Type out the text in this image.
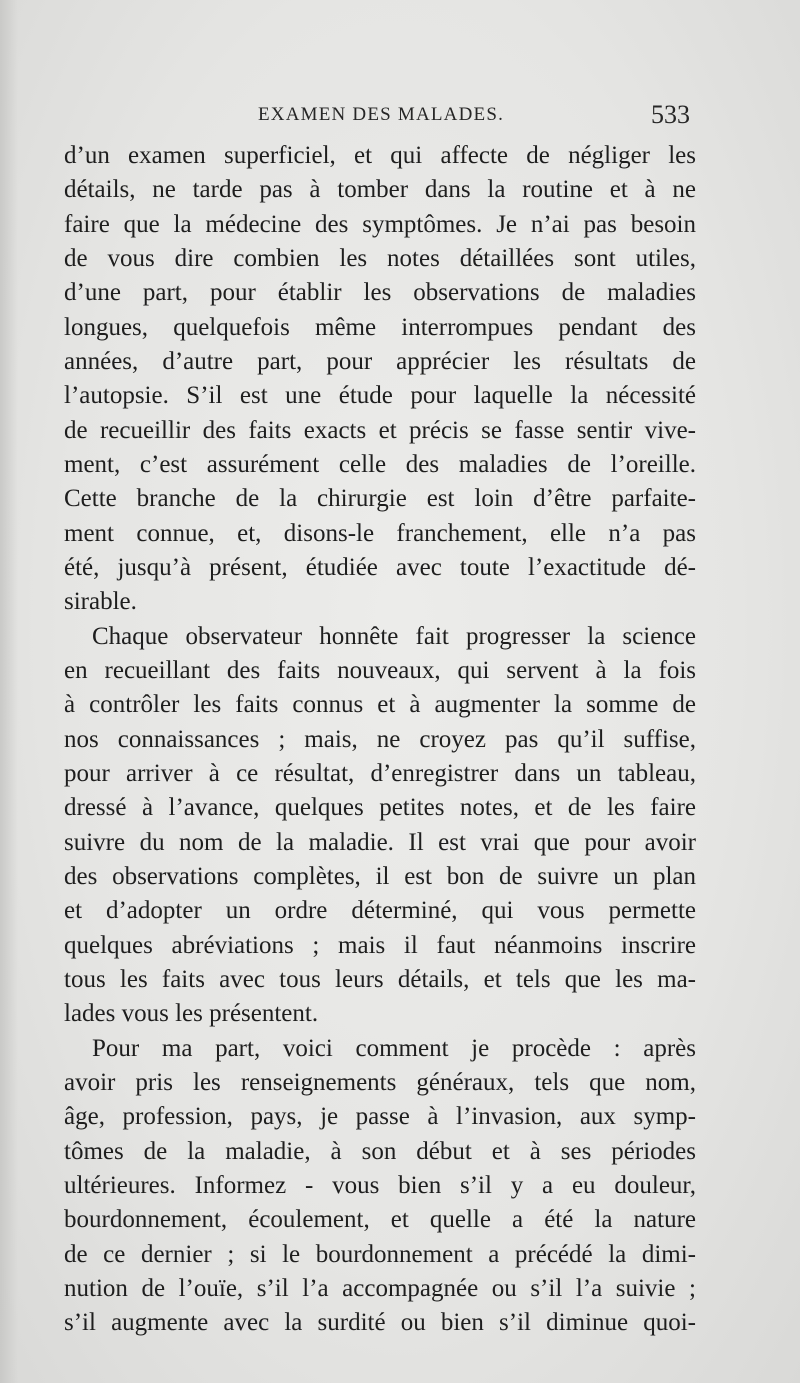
EXAMEN DES MALADES.	533
d’un examen superficiel, et qui affecte de négliger les
détails, ne tarde pas à tomber dans la routine et à ne
faire que la médecine des symptômes. Je n’ai pas besoin
de vous dire combien les notes détaillées sont utiles,
d’une part, pour établir les observations de maladies
longues, quelquefois même interrompues pendant des
années, d’autre part, pour apprécier les résultats de
l’autopsie. S’il est une étude pour laquelle la nécessité
de recueillir des faits exacts et précis se fasse sentir vive-
ment, c’est assurément celle des maladies de l’oreille.
Cette branche de la chirurgie est loin d’être parfaite-
ment connue, et, disons-le franchement, elle n’a pas
été, jusqu’à présent, étudiée avec toute l’exactitude dé-
sirable.
Chaque observateur honnête fait progresser la science
en recueillant des faits nouveaux, qui servent à la fois
à contrôler les faits connus et à augmenter la somme de
nos connaissances ; mais, ne croyez pas qu’il suffise,
pour arriver à ce résultat, d’enregistrer dans un tableau,
dressé à l’avance, quelques petites notes, et de les faire
suivre du nom de la maladie. Il est vrai que pour avoir
des observations complètes, il est bon de suivre un plan
et d’adopter un ordre déterminé, qui vous permette
quelques abréviations ; mais il faut néanmoins inscrire
tous les faits avec tous leurs détails, et tels que les ma-
lades vous les présentent.
Pour ma part, voici comment je procède : après
avoir pris les renseignements généraux, tels que nom,
âge, profession, pays, je passe à l’invasion, aux symp-
tômes de la maladie, à son début et à ses périodes
ultérieures. Informez - vous bien s’il y a eu douleur,
bourdonnement, écoulement, et quelle a été la nature
de ce dernier ; si le bourdonnement a précédé la dimi-
nution de l’ouïe, s’il l’a accompagnée ou s’il l’a suivie ;
s’il augmente avec la surdité ou bien s’il diminue quoi-
